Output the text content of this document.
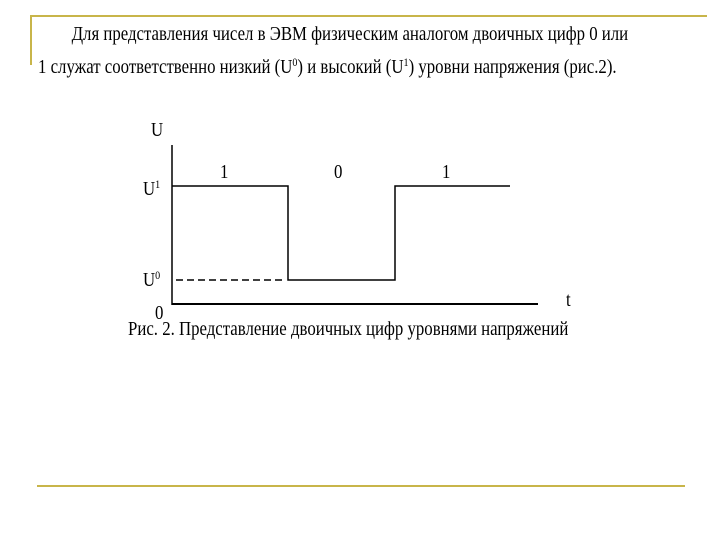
Для представления чисел в ЭВМ физическим аналогом двоичных цифр 0 или
1 служат соответственно низкий $(U^0)$ и высокий $(U^1)$ уровни напряжения (рис.2).
U
$U^1$
$U^0$
0
t
1	0	1
Рис. 2. Представление двоичных цифр уровнями напряжений
